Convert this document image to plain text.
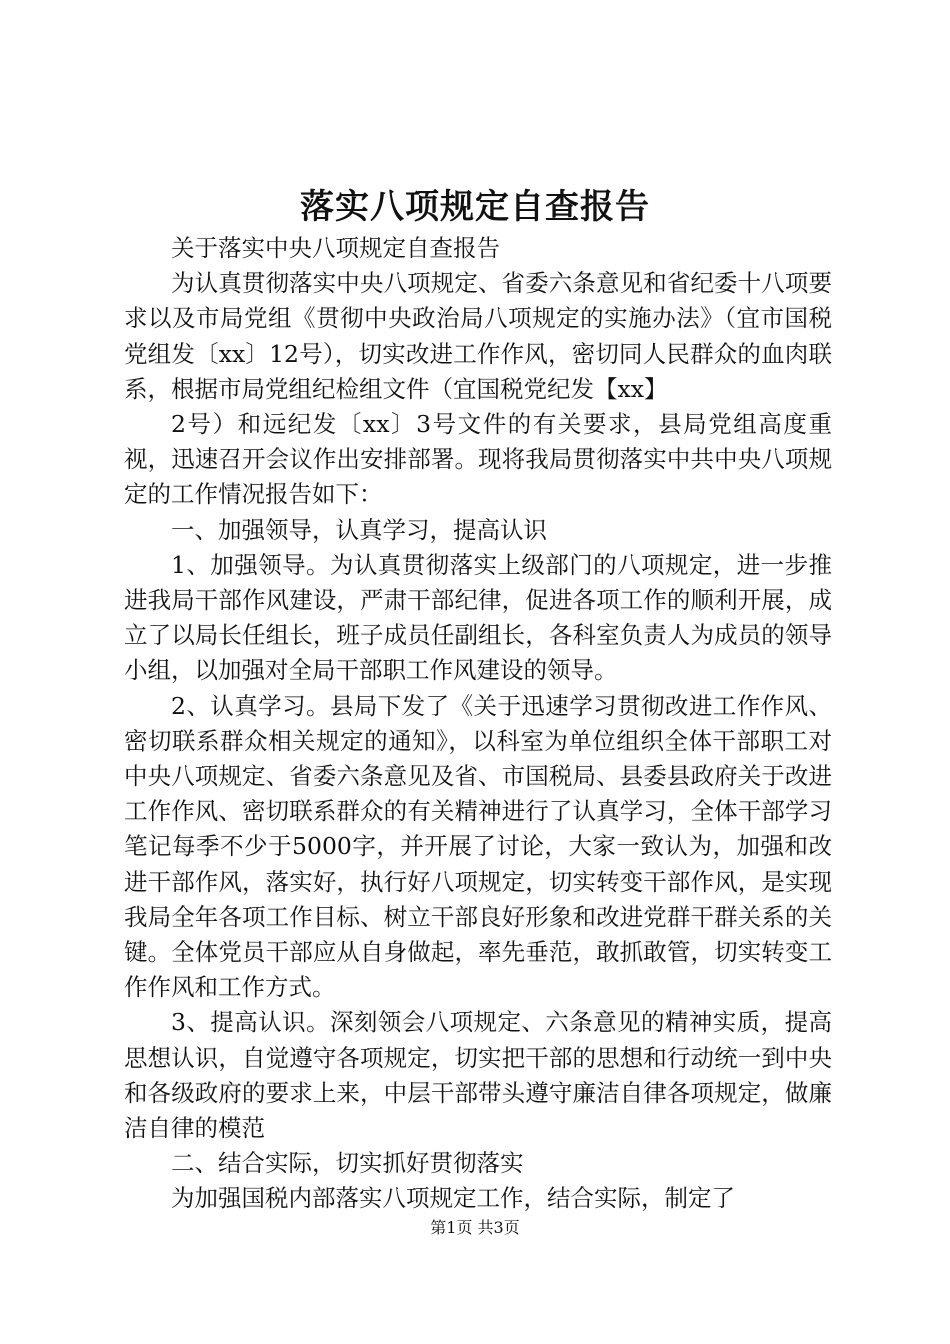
落实八项规定自查报告

关于落实中央八项规定自查报告

为认真贯彻落实中央八项规定、省委六条意见和省纪委十八项要求以及市局党组《贯彻中央政治局八项规定的实施办法》（宜市国税党组发〔xx〕12号），切实改进工作作风，密切同人民群众的血肉联系，根据市局党组纪检组文件（宜国税党纪发【xx】

2号）和远纪发〔xx〕3号文件的有关要求，县局党组高度重视，迅速召开会议作出安排部署。现将我局贯彻落实中共中央八项规定的工作情况报告如下：

一、加强领导，认真学习，提高认识

1、加强领导。为认真贯彻落实上级部门的八项规定，进一步推进我局干部作风建设，严肃干部纪律，促进各项工作的顺利开展，成立了以局长任组长，班子成员任副组长，各科室负责人为成员的领导小组，以加强对全局干部职工作风建设的领导。

2、认真学习。县局下发了《关于迅速学习贯彻改进工作作风、密切联系群众相关规定的通知》，以科室为单位组织全体干部职工对中央八项规定、省委六条意见及省、市国税局、县委县政府关于改进工作作风、密切联系群众的有关精神进行了认真学习，全体干部学习笔记每季不少于5000字，并开展了讨论，大家一致认为，加强和改进干部作风，落实好，执行好八项规定，切实转变干部作风，是实现我局全年各项工作目标、树立干部良好形象和改进党群干群关系的关键。全体党员干部应从自身做起，率先垂范，敢抓敢管，切实转变工作作风和工作方式。

3、提高认识。深刻领会八项规定、六条意见的精神实质，提高思想认识，自觉遵守各项规定，切实把干部的思想和行动统一到中央和各级政府的要求上来，中层干部带头遵守廉洁自律各项规定，做廉洁自律的模范

二、结合实际，切实抓好贯彻落实

为加强国税内部落实八项规定工作，结合实际，制定了

第1页 共3页
